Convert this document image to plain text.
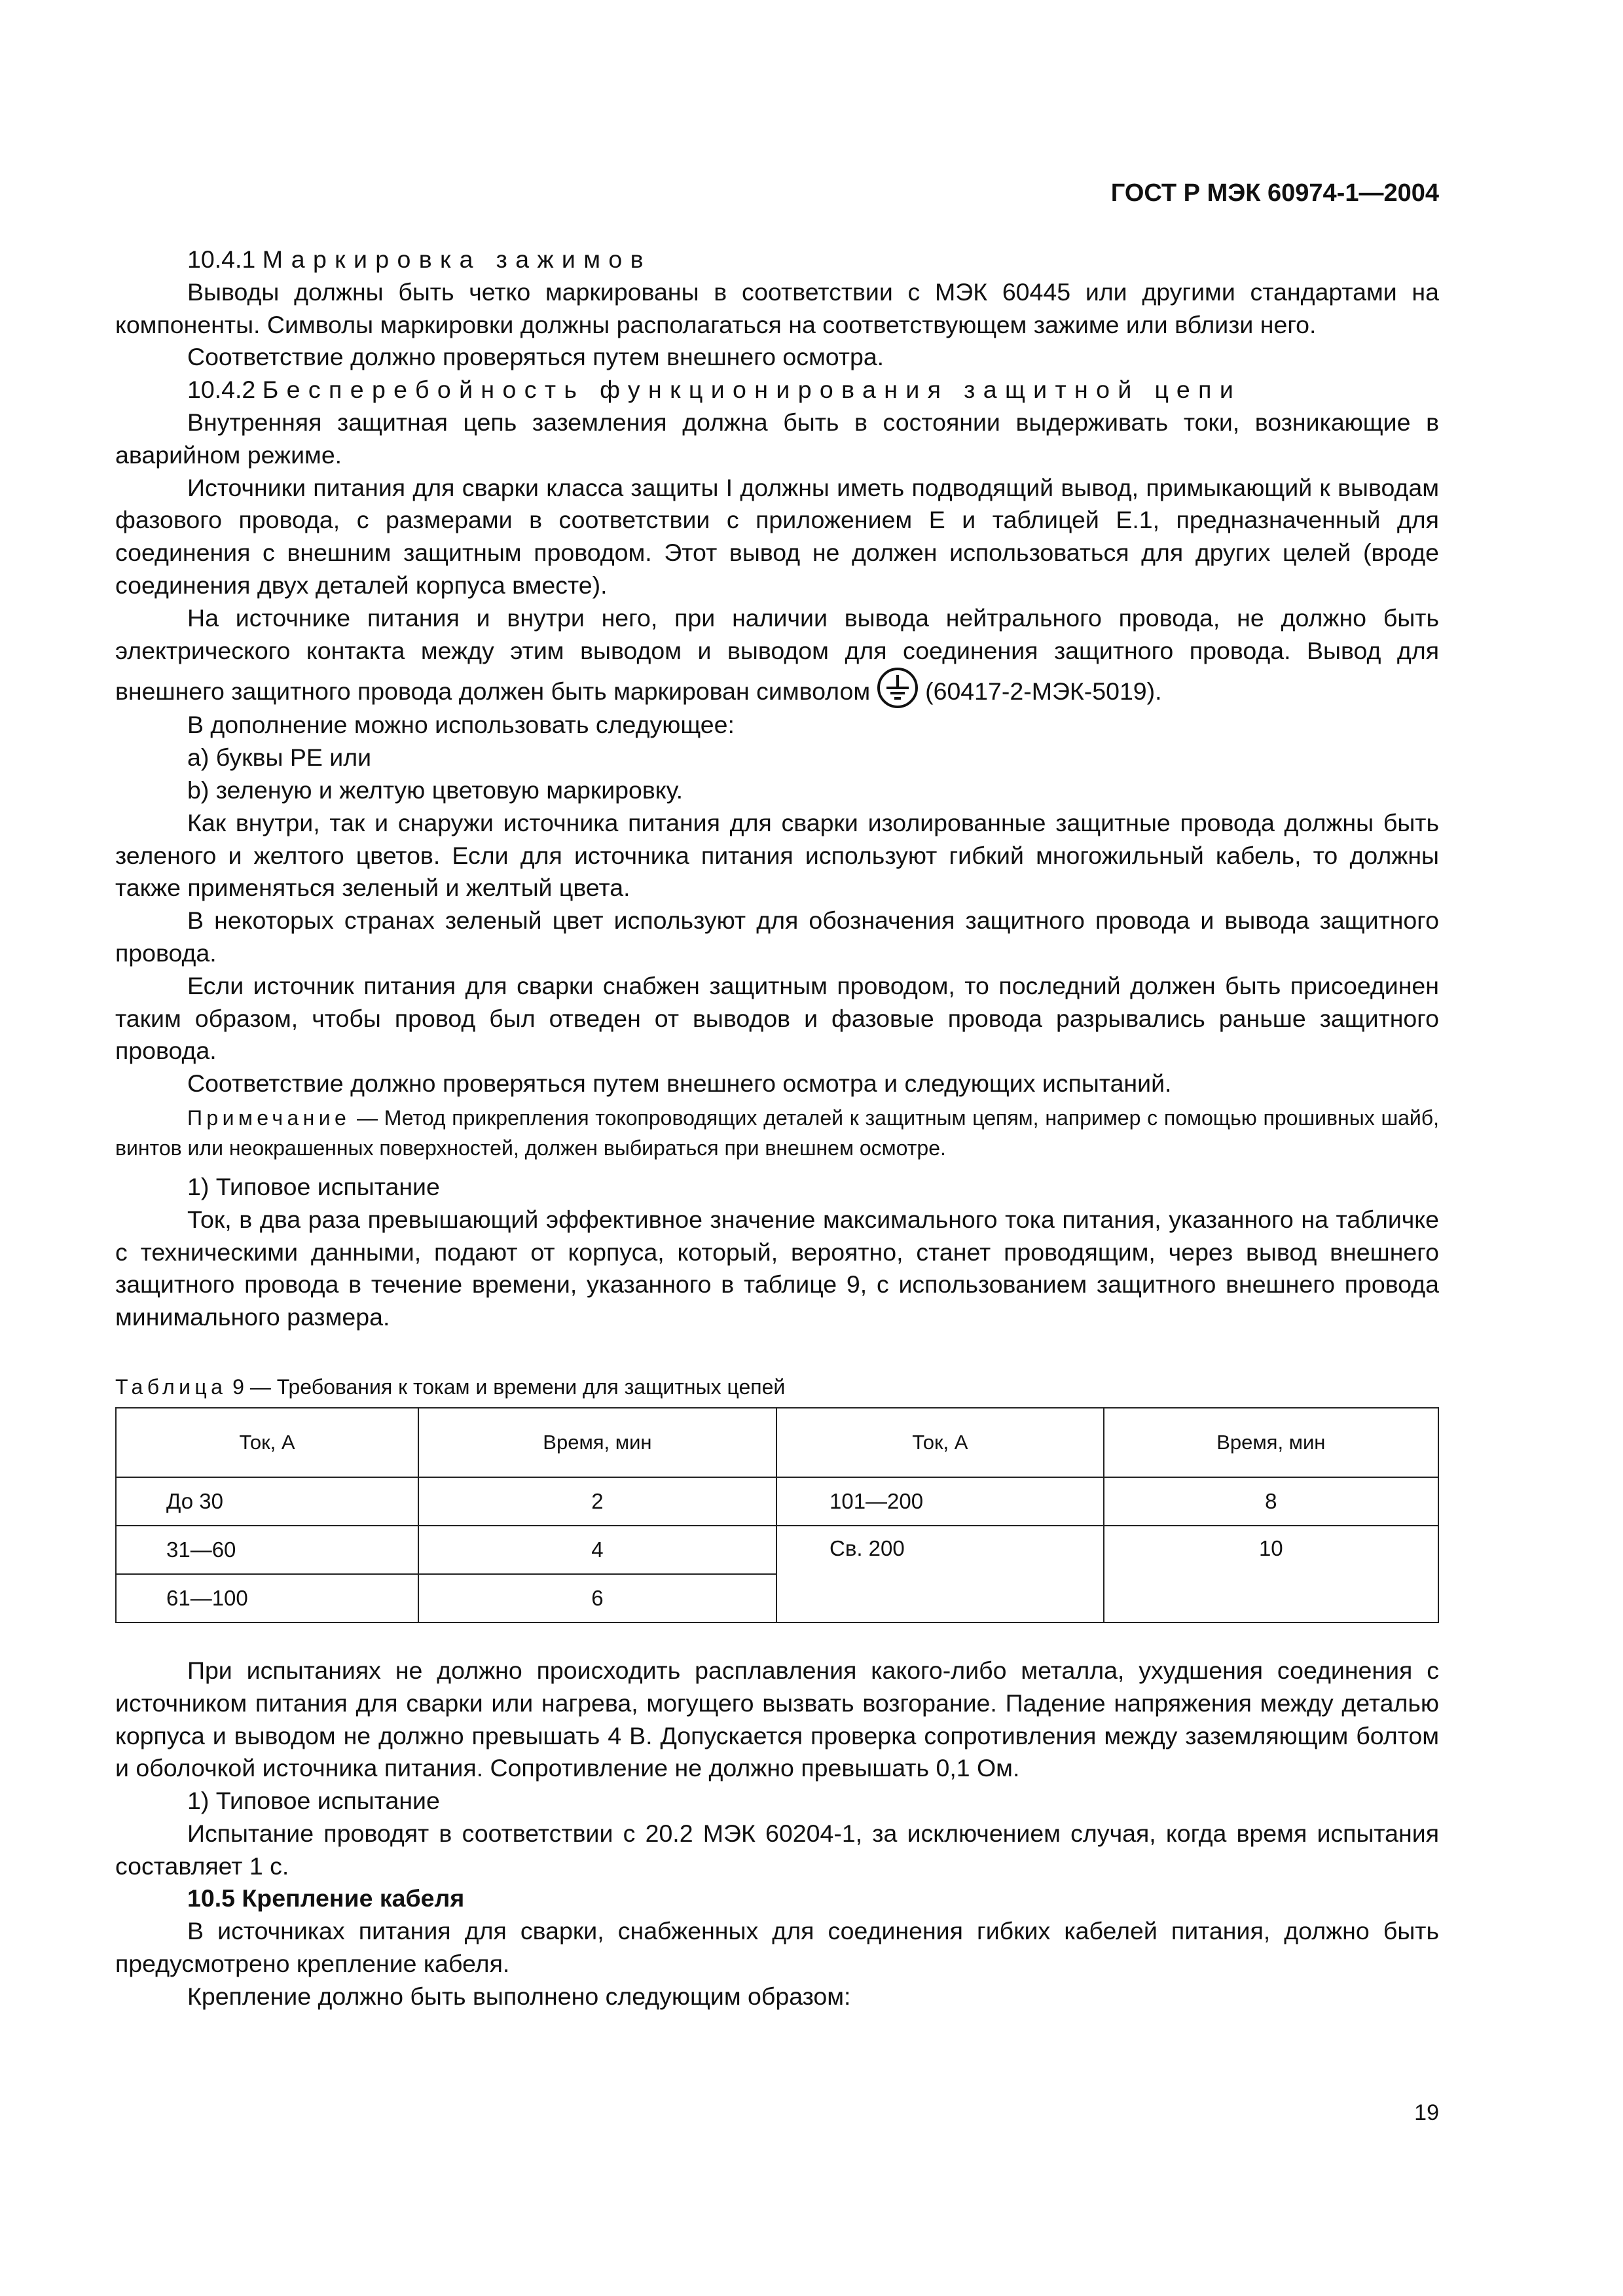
ГОСТ Р МЭК 60974-1—2004

10.4.1 Маркировка зажимов

Выводы должны быть четко маркированы в соответствии с МЭК 60445 или другими стандартами на компоненты. Символы маркировки должны располагаться на соответствующем зажиме или вблизи него.

Соответствие должно проверяться путем внешнего осмотра.

10.4.2 Бесперебойность функционирования защитной цепи

Внутренняя защитная цепь заземления должна быть в состоянии выдерживать токи, возникающие в аварийном режиме.

Источники питания для сварки класса защиты I должны иметь подводящий вывод, примыкающий к выводам фазового провода, с размерами в соответствии с приложением Е и таблицей Е.1, предназначенный для соединения с внешним защитным проводом. Этот вывод не должен использоваться для других целей (вроде соединения двух деталей корпуса вместе).

На источнике питания и внутри него, при наличии вывода нейтрального провода, не должно быть электрического контакта между этим выводом и выводом для соединения защитного провода. Вывод для внешнего защитного провода должен быть маркирован символом (60417-2-МЭК-5019).

В дополнение можно использовать следующее:

a) буквы PE или

b) зеленую и желтую цветовую маркировку.

Как внутри, так и снаружи источника питания для сварки изолированные защитные провода должны быть зеленого и желтого цветов. Если для источника питания используют гибкий многожильный кабель, то должны также применяться зеленый и желтый цвета.

В некоторых странах зеленый цвет используют для обозначения защитного провода и вывода защитного провода.

Если источник питания для сварки снабжен защитным проводом, то последний должен быть присоединен таким образом, чтобы провод был отведен от выводов и фазовые провода разрывались раньше защитного провода.

Соответствие должно проверяться путем внешнего осмотра и следующих испытаний.

Примечание — Метод прикрепления токопроводящих деталей к защитным цепям, например с помощью прошивных шайб, винтов или неокрашенных поверхностей, должен выбираться при внешнем осмотре.

1) Типовое испытание

Ток, в два раза превышающий эффективное значение максимального тока питания, указанного на табличке с техническими данными, подают от корпуса, который, вероятно, станет проводящим, через вывод внешнего защитного провода в течение времени, указанного в таблице 9, с использованием защитного внешнего провода минимального размера.

Таблица 9 — Требования к токам и времени для защитных цепей

Ток, А	Время, мин	Ток, А	Время, мин
До 30	2	101—200	8
31—60	4	Св. 200	10
61—100	6		

При испытаниях не должно происходить расплавления какого-либо металла, ухудшения соединения с источником питания для сварки или нагрева, могущего вызвать возгорание. Падение напряжения между деталью корпуса и выводом не должно превышать 4 В. Допускается проверка сопротивления между заземляющим болтом и оболочкой источника питания. Сопротивление не должно превышать 0,1 Ом.

1) Типовое испытание

Испытание проводят в соответствии с 20.2 МЭК 60204-1, за исключением случая, когда время испытания составляет 1 с.

10.5 Крепление кабеля

В источниках питания для сварки, снабженных для соединения гибких кабелей питания, должно быть предусмотрено крепление кабеля.

Крепление должно быть выполнено следующим образом:

19
